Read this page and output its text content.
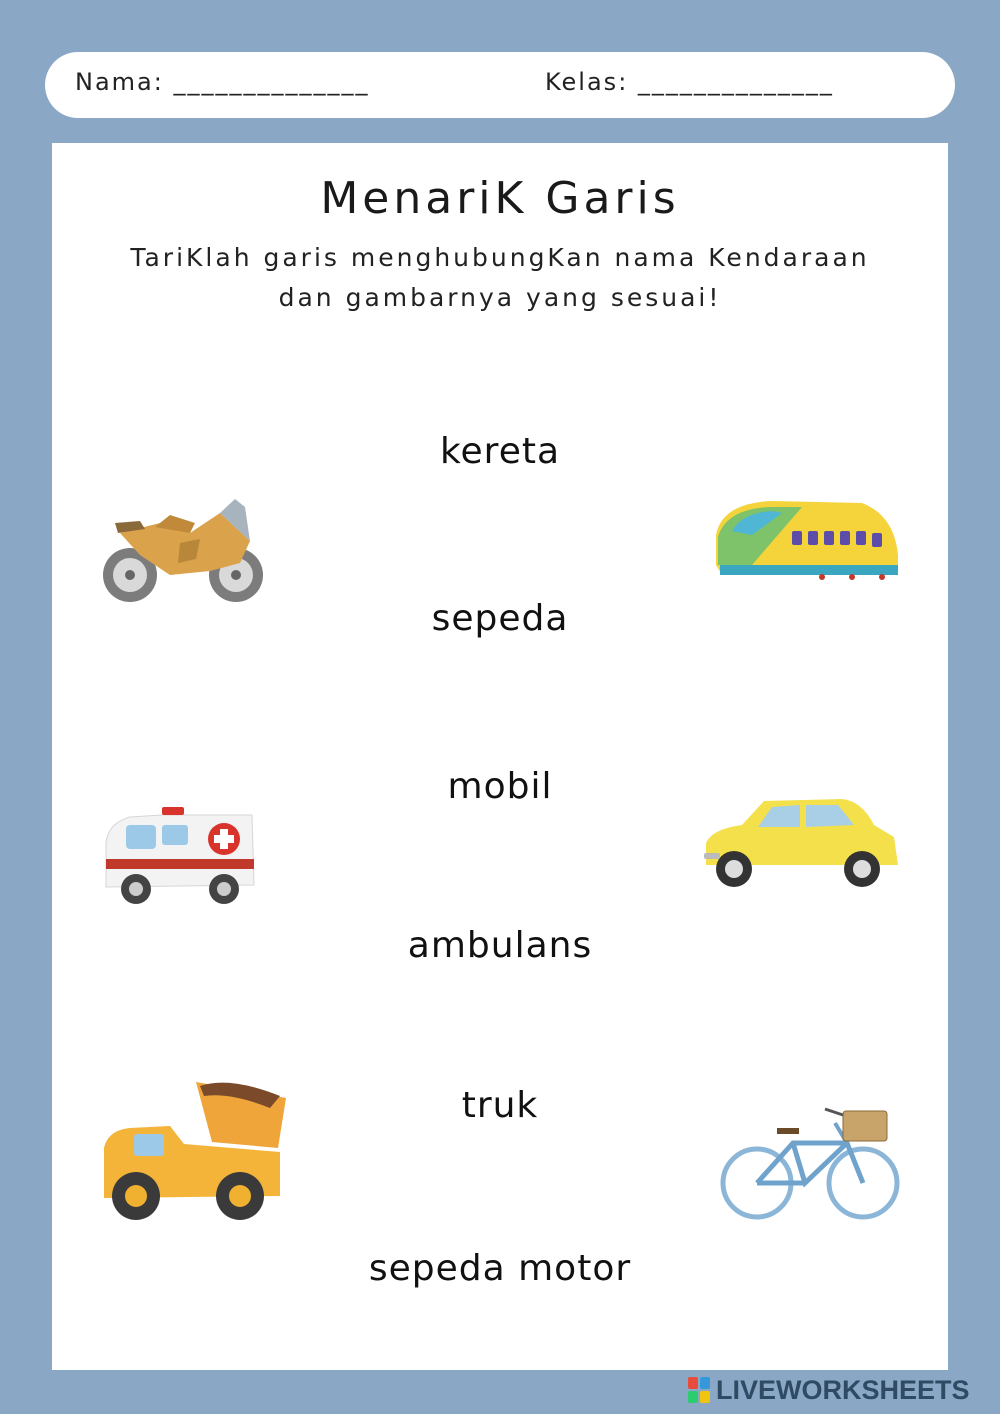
Nama: ______________	Kelas: ______________
MenariK Garis
TariKlah garis menghubungKan nama Kendaraan
dan gambarnya yang sesuai!
kereta
sepeda
mobil
ambulans
truk
sepeda motor
LIVEWORKSHEETS
